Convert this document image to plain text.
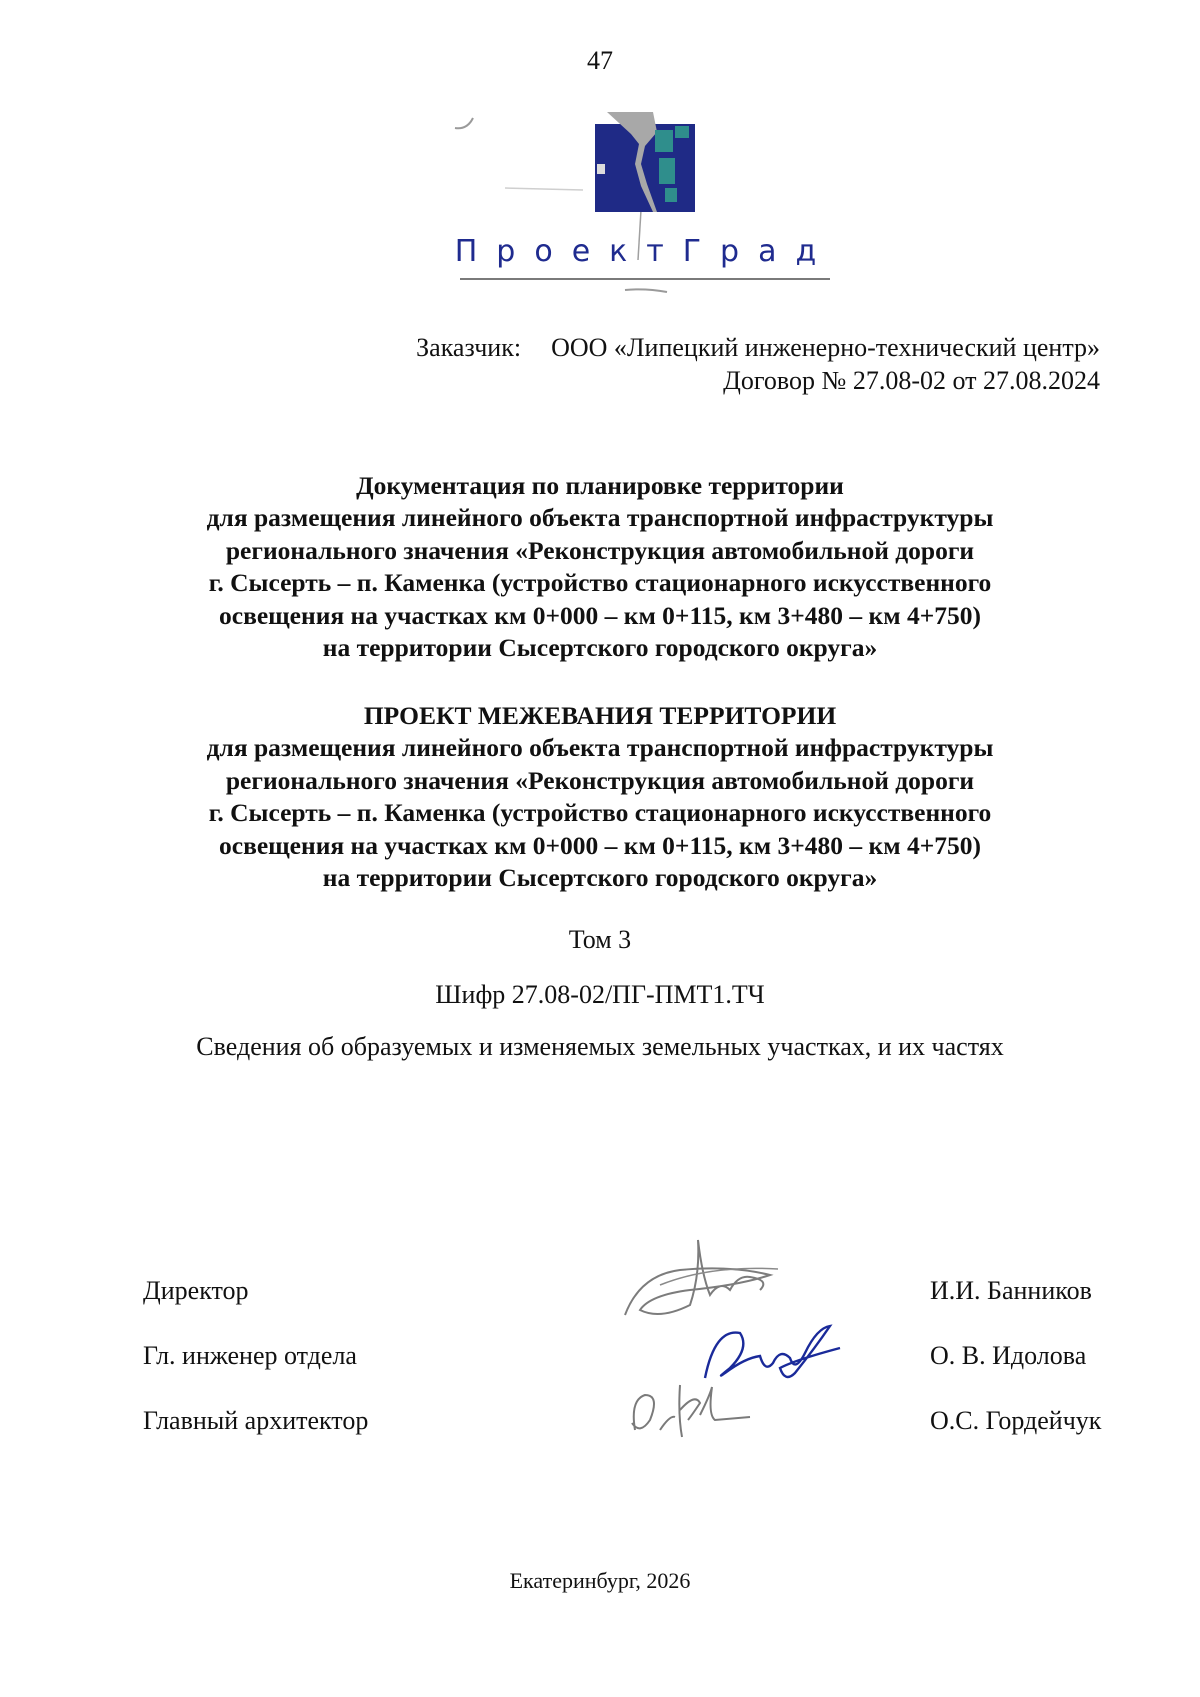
47
ПроектГрад
Заказчик: ООО «Липецкий инженерно-технический центр»
Договор № 27.08-02 от 27.08.2024
Документация по планировке территории
для размещения линейного объекта транспортной инфраструктуры
регионального значения «Реконструкция автомобильной дороги
г. Сысерть – п. Каменка (устройство стационарного искусственного
освещения на участках км 0+000 – км 0+115, км 3+480 – км 4+750)
на территории Сысертского городского округа»
ПРОЕКТ МЕЖЕВАНИЯ ТЕРРИТОРИИ
для размещения линейного объекта транспортной инфраструктуры
регионального значения «Реконструкция автомобильной дороги
г. Сысерть – п. Каменка (устройство стационарного искусственного
освещения на участках км 0+000 – км 0+115, км 3+480 – км 4+750)
на территории Сысертского городского округа»
Том 3
Шифр 27.08-02/ПГ-ПМТ1.ТЧ
Сведения об образуемых и изменяемых земельных участках, и их частях
Директор	И.И. Банников
Гл. инженер отдела	О. В. Идолова
Главный архитектор	О.С. Гордейчук
Екатеринбург, 2026
